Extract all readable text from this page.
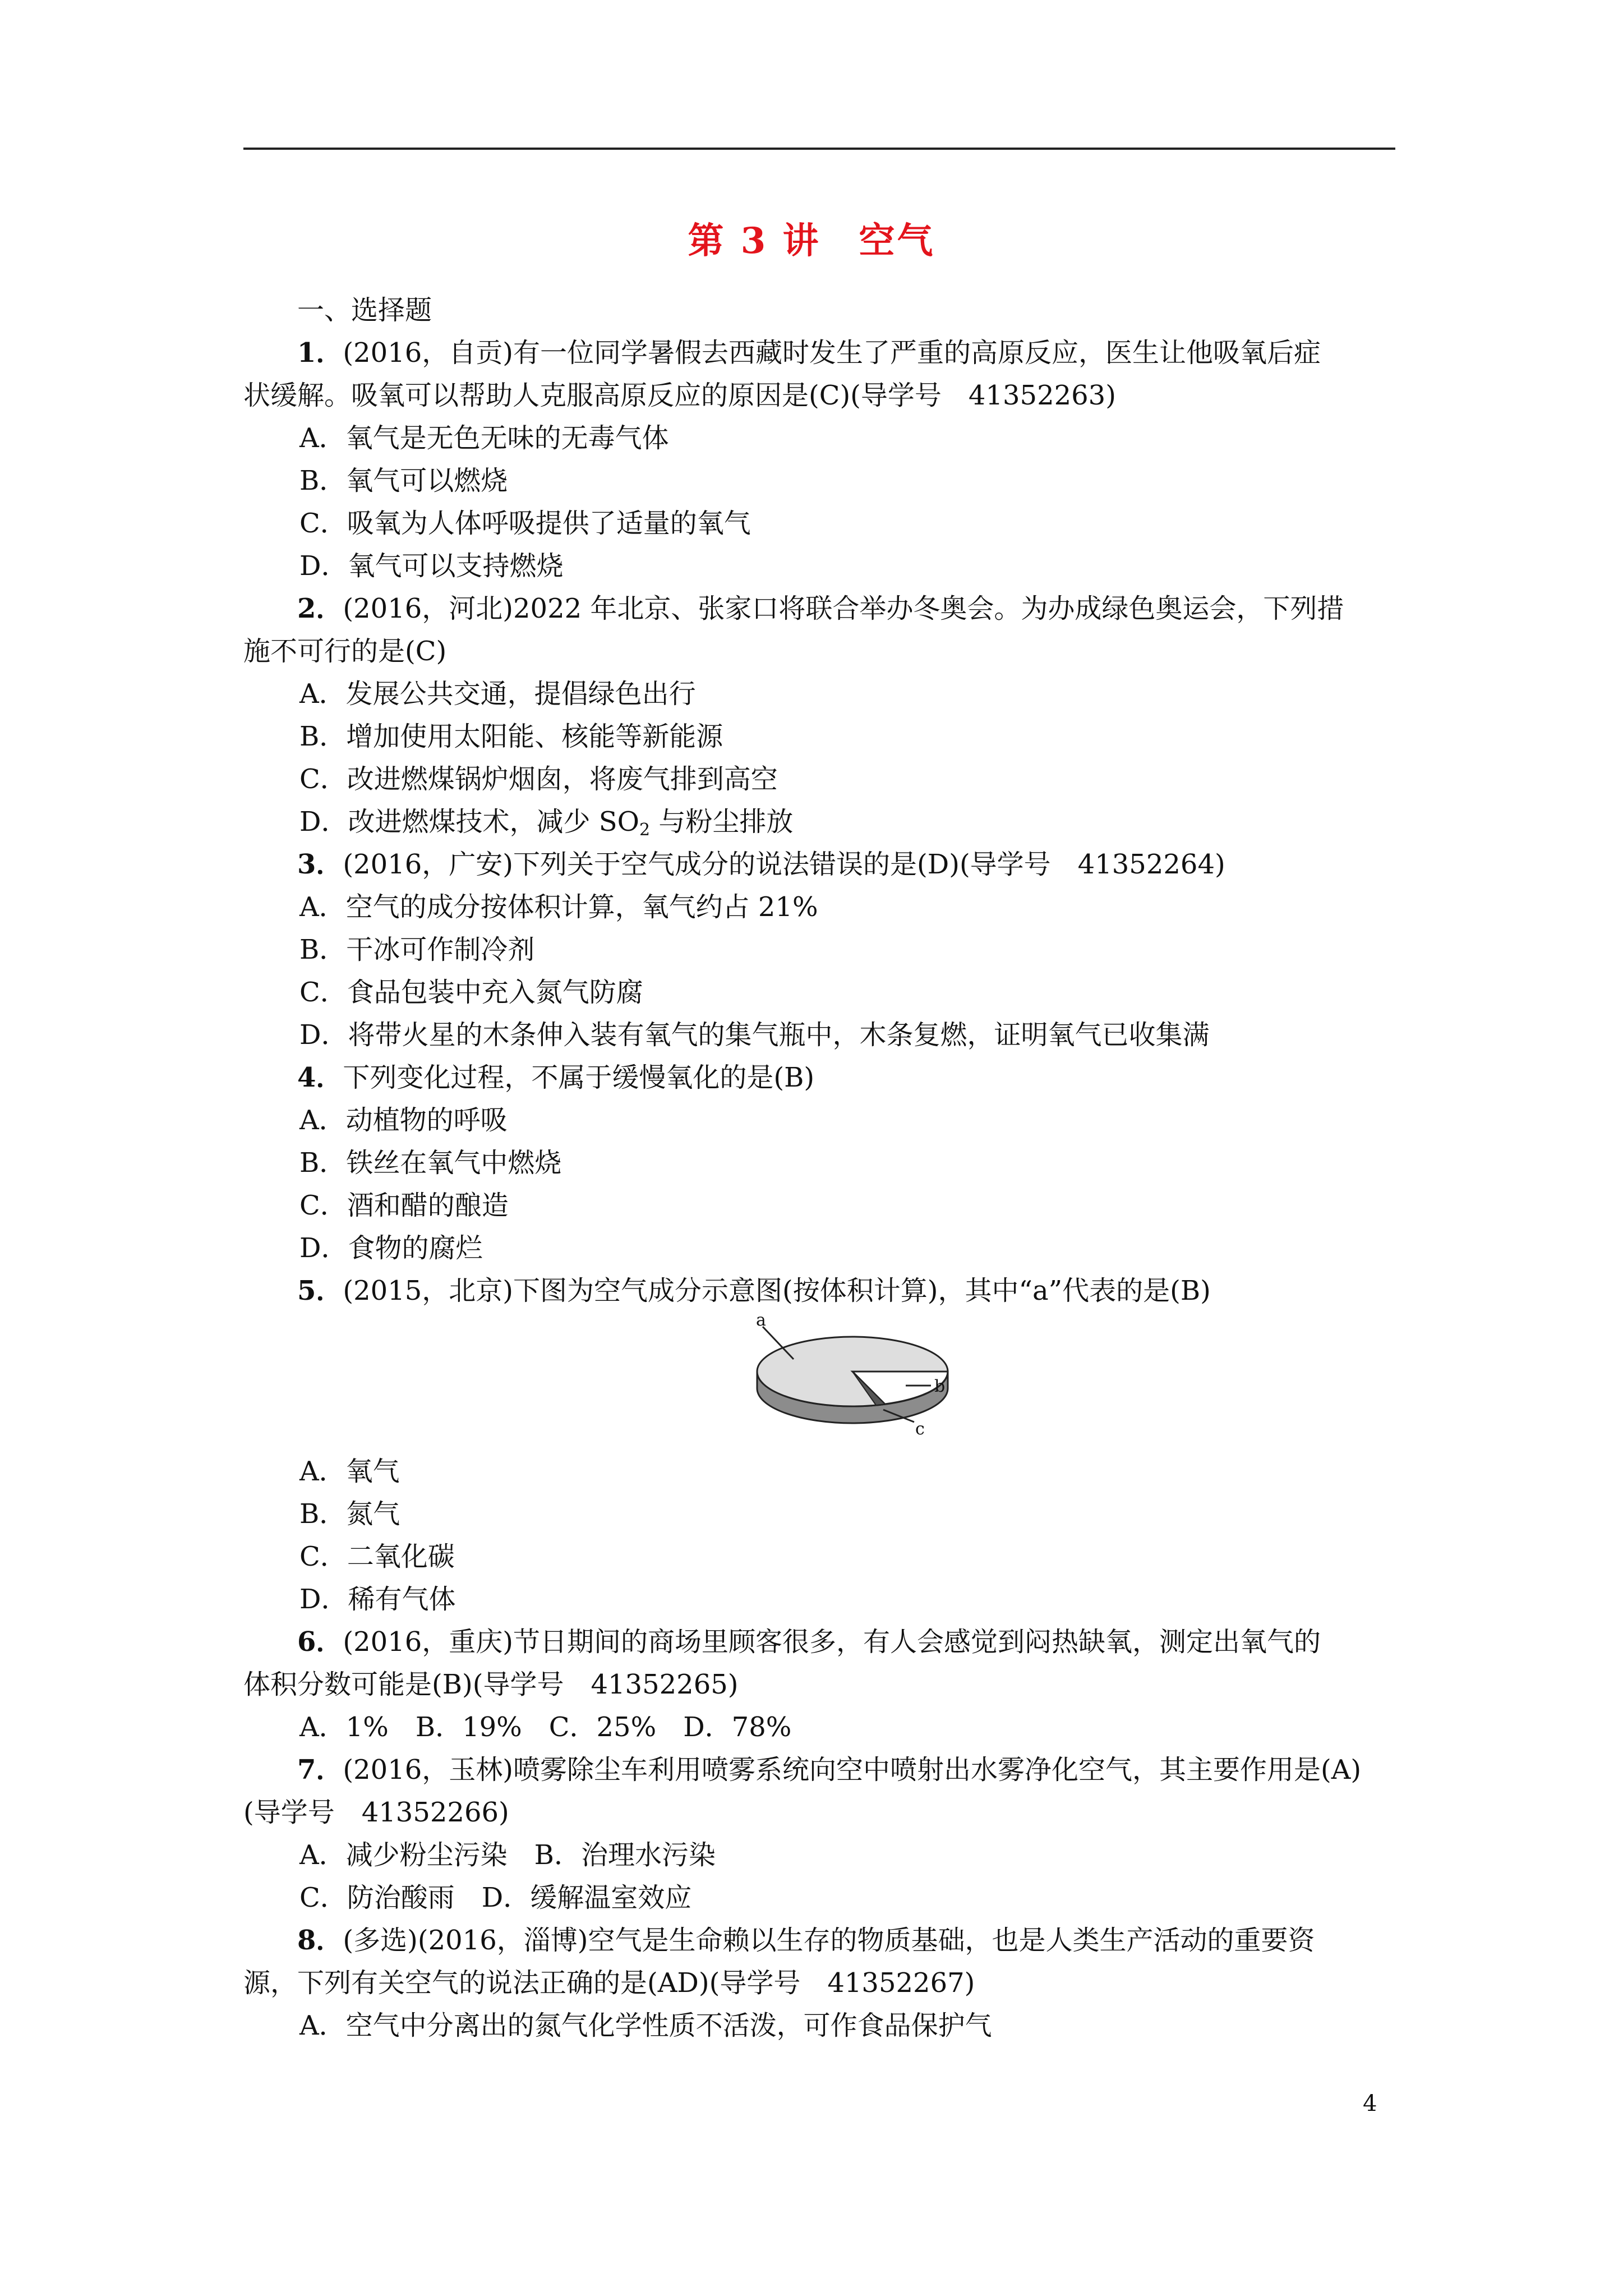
第 3 讲　空气
一、选择题
1．(2016，自贡)有一位同学暑假去西藏时发生了严重的高原反应，医生让他吸氧后症
状缓解。吸氧可以帮助人克服高原反应的原因是(C)(导学号　41352263)
A．氧气是无色无味的无毒气体
B．氧气可以燃烧
C．吸氧为人体呼吸提供了适量的氧气
D．氧气可以支持燃烧
2．(2016，河北)2022 年北京、张家口将联合举办冬奥会。为办成绿色奥运会，下列措
施不可行的是(C)
A．发展公共交通，提倡绿色出行
B．增加使用太阳能、核能等新能源
C．改进燃煤锅炉烟囱，将废气排到高空
D．改进燃煤技术，减少 $SO_2$ 与粉尘排放
3．(2016，广安)下列关于空气成分的说法错误的是(D)(导学号　41352264)
A．空气的成分按体积计算，氧气约占 21%
B．干冰可作制冷剂
C．食品包装中充入氮气防腐
D．将带火星的木条伸入装有氧气的集气瓶中，木条复燃，证明氧气已收集满
4．下列变化过程，不属于缓慢氧化的是(B)
A．动植物的呼吸
B．铁丝在氧气中燃烧
C．酒和醋的酿造
D．食物的腐烂
5．(2015，北京)下图为空气成分示意图(按体积计算)，其中“a”代表的是(B)
a
b
c
A．氧气
B．氮气
C．二氧化碳
D．稀有气体
6．(2016，重庆)节日期间的商场里顾客很多，有人会感觉到闷热缺氧，测定出氧气的
体积分数可能是(B)(导学号　41352265)
A．1%　B．19%　C．25%　D．78%
7．(2016，玉林)喷雾除尘车利用喷雾系统向空中喷射出水雾净化空气，其主要作用是(A)
(导学号　41352266)
A．减少粉尘污染　B．治理水污染
C．防治酸雨　D．缓解温室效应
8．(多选)(2016，淄博)空气是生命赖以生存的物质基础，也是人类生产活动的重要资
源，下列有关空气的说法正确的是(AD)(导学号　41352267)
A．空气中分离出的氮气化学性质不活泼，可作食品保护气
4
